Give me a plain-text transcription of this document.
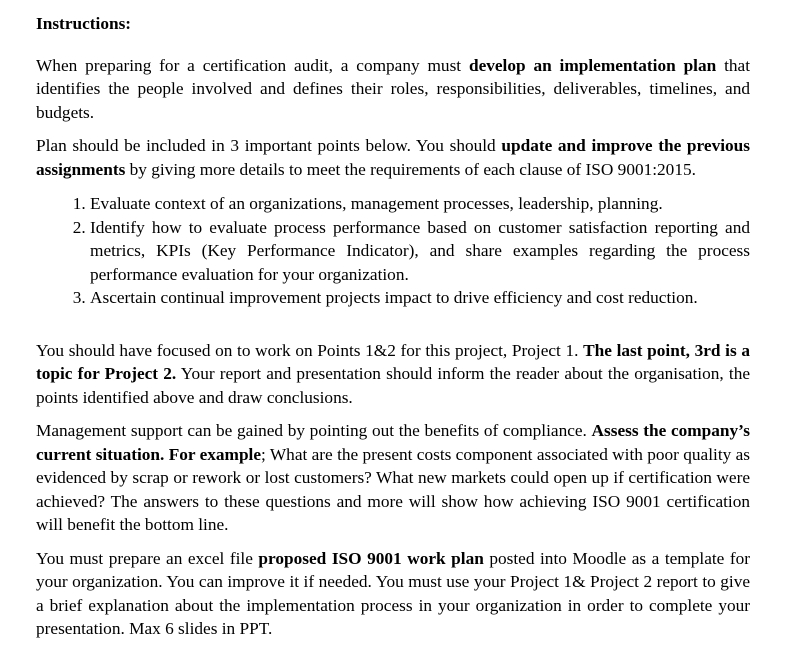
Instructions:

When preparing for a certification audit, a company must develop an implementation plan that identifies the people involved and defines their roles, responsibilities, deliverables, timelines, and budgets.

Plan should be included in 3 important points below. You should update and improve the previous assignments by giving more details to meet the requirements of each clause of ISO 9001:2015.

1. Evaluate context of an organizations, management processes, leadership, planning.
2. Identify how to evaluate process performance based on customer satisfaction reporting and metrics, KPIs (Key Performance Indicator), and share examples regarding the process performance evaluation for your organization.
3. Ascertain continual improvement projects impact to drive efficiency and cost reduction.

You should have focused on to work on Points 1&2 for this project, Project 1. The last point, 3rd is a topic for Project 2. Your report and presentation should inform the reader about the organisation, the points identified above and draw conclusions.

Management support can be gained by pointing out the benefits of compliance. Assess the company’s current situation. For example; What are the present costs component associated with poor quality as evidenced by scrap or rework or lost customers? What new markets could open up if certification were achieved? The answers to these questions and more will show how achieving ISO 9001 certification will benefit the bottom line.

You must prepare an excel file proposed ISO 9001 work plan posted into Moodle as a template for your organization. You can improve it if needed. You must use your Project 1& Project 2 report to give a brief explanation about the implementation process in your organization in order to complete your presentation. Max 6 slides in PPT.
